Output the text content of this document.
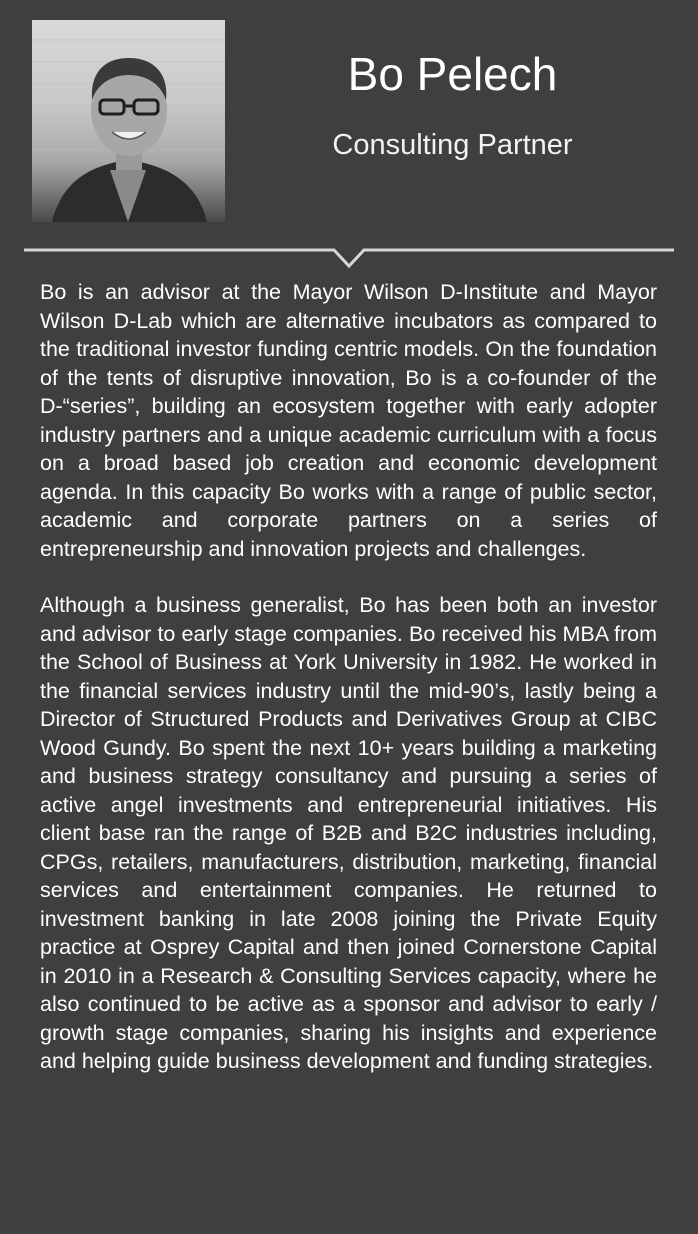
Bo Pelech
Consulting Partner

Bo is an advisor at the Mayor Wilson D-Institute and Mayor Wilson D-Lab which are alternative incubators as compared to the traditional investor funding centric models. On the foundation of the tents of disruptive innovation, Bo is a co-founder of the D-“series”, building an ecosystem together with early adopter industry partners and a unique academic curriculum with a focus on a broad based job creation and economic development agenda. In this capacity Bo works with a range of public sector, academic and corporate partners on a series of entrepreneurship and innovation projects and challenges.

Although a business generalist, Bo has been both an investor and advisor to early stage companies. Bo received his MBA from the School of Business at York University in 1982. He worked in the financial services industry until the mid-90’s, lastly being a Director of Structured Products and Derivatives Group at CIBC Wood Gundy. Bo spent the next 10+ years building a marketing and business strategy consultancy and pursuing a series of active angel investments and entrepreneurial initiatives. His client base ran the range of B2B and B2C industries including, CPGs, retailers, manufacturers, distribution, marketing, financial services and entertainment companies. He returned to investment banking in late 2008 joining the Private Equity practice at Osprey Capital and then joined Cornerstone Capital in 2010 in a Research & Consulting Services capacity, where he also continued to be active as a sponsor and advisor to early / growth stage companies, sharing his insights and experience and helping guide business development and funding strategies.
